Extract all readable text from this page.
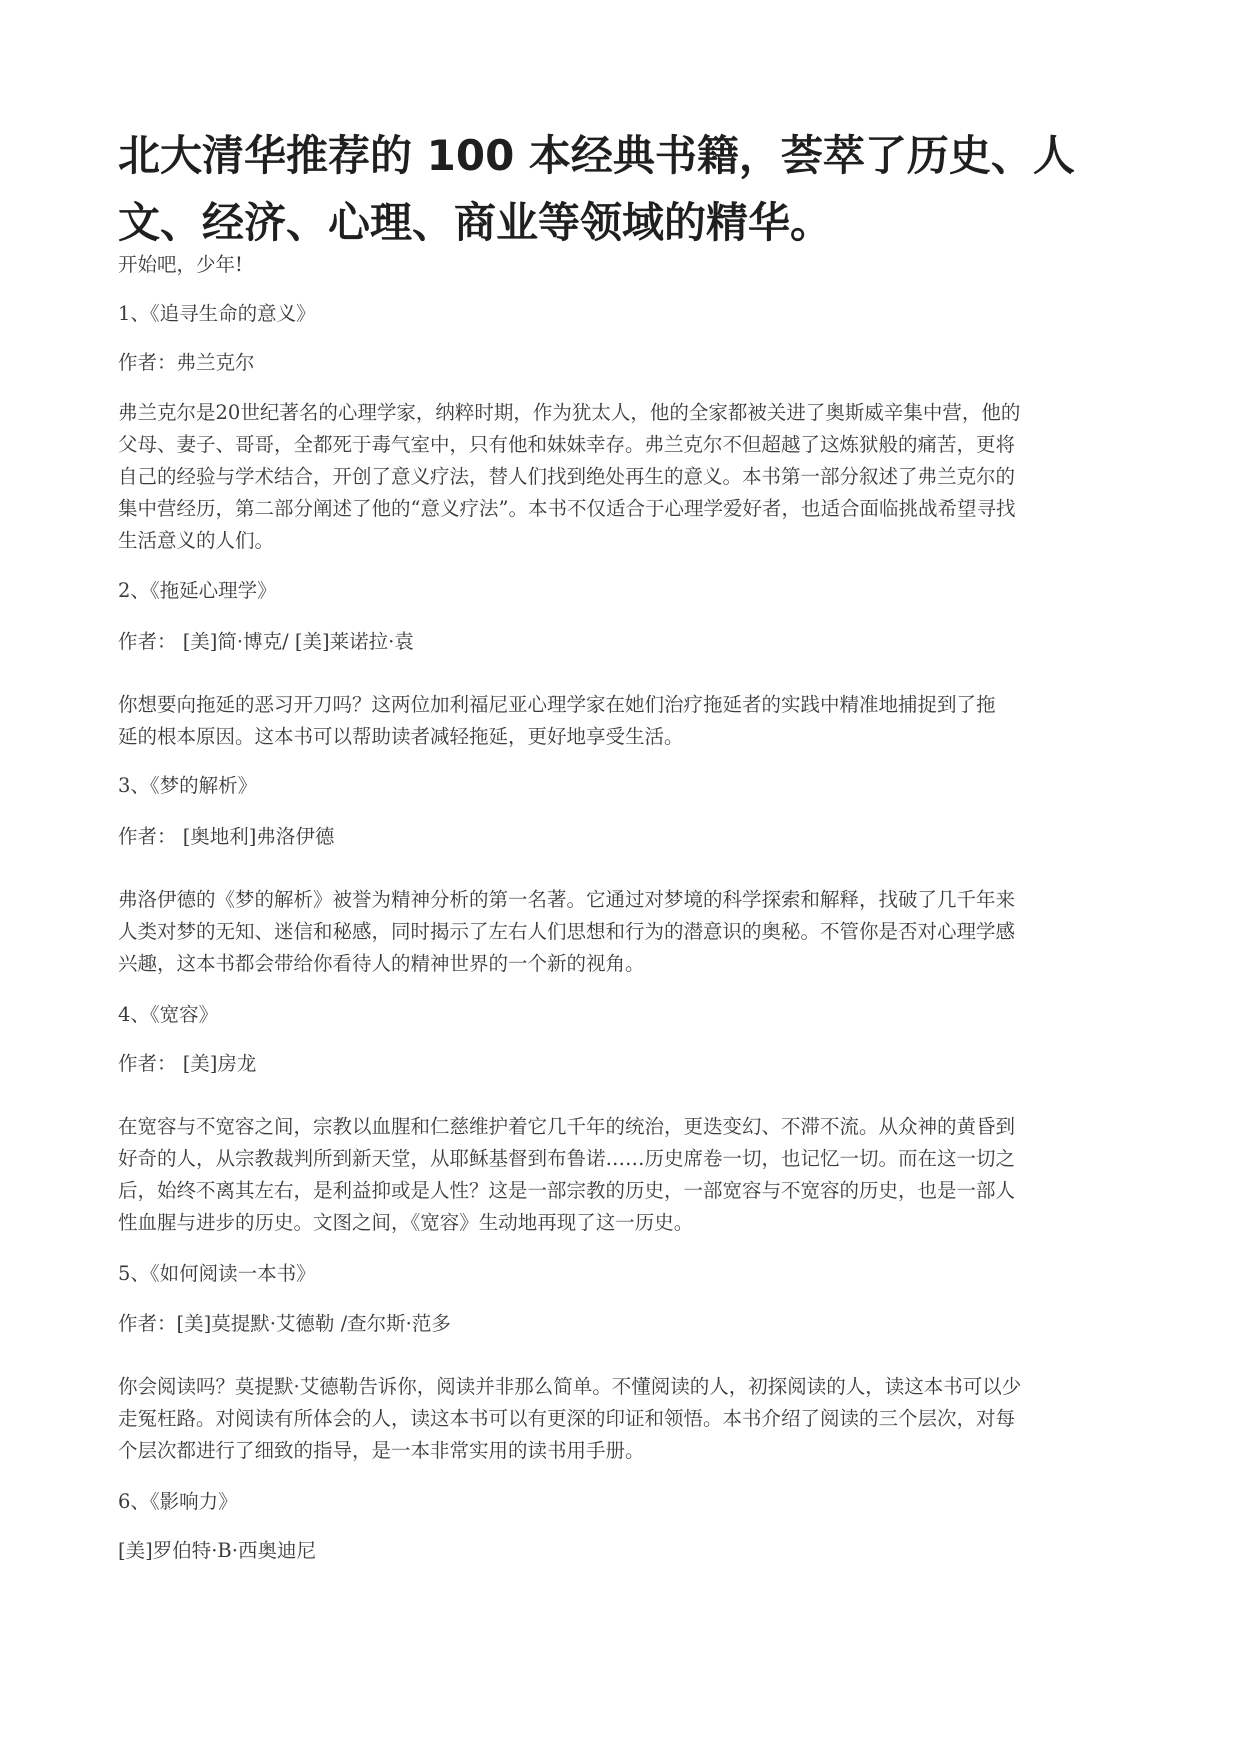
北大清华推荐的 100 本经典书籍，荟萃了历史、人文、经济、心理、商业等领域的精华。

开始吧，少年!

1、《追寻生命的意义》

作者：弗兰克尔

弗兰克尔是20世纪著名的心理学家，纳粹时期，作为犹太人，他的全家都被关进了奥斯威辛集中营，他的
父母、妻子、哥哥，全都死于毒气室中，只有他和妹妹幸存。弗兰克尔不但超越了这炼狱般的痛苦，更将
自己的经验与学术结合，开创了意义疗法，替人们找到绝处再生的意义。本书第一部分叙述了弗兰克尔的
集中营经历，第二部分阐述了他的“意义疗法”。本书不仅适合于心理学爱好者，也适合面临挑战希望寻找
生活意义的人们。

2、《拖延心理学》

作者： [美]简·博克/ [美]莱诺拉·袁

你想要向拖延的恶习开刀吗？这两位加利福尼亚心理学家在她们治疗拖延者的实践中精准地捕捉到了拖
延的根本原因。这本书可以帮助读者减轻拖延，更好地享受生活。

3、《梦的解析》

作者： [奥地利]弗洛伊德

弗洛伊德的《梦的解析》被誉为精神分析的第一名著。它通过对梦境的科学探索和解释，找破了几千年来
人类对梦的无知、迷信和秘感，同时揭示了左右人们思想和行为的潜意识的奥秘。不管你是否对心理学感
兴趣，这本书都会带给你看待人的精神世界的一个新的视角。

4、《宽容》

作者： [美]房龙

在宽容与不宽容之间，宗教以血腥和仁慈维护着它几千年的统治，更迭变幻、不滞不流。从众神的黄昏到
好奇的人，从宗教裁判所到新天堂，从耶稣基督到布鲁诺……历史席卷一切，也记忆一切。而在这一切之
后，始终不离其左右，是利益抑或是人性？这是一部宗教的历史，一部宽容与不宽容的历史，也是一部人
性血腥与进步的历史。文图之间，《宽容》生动地再现了这一历史。

5、《如何阅读一本书》

作者：[美]莫提默·艾德勒 /查尔斯·范多

你会阅读吗？莫提默·艾德勒告诉你，阅读并非那么简单。不懂阅读的人，初探阅读的人，读这本书可以少
走冤枉路。对阅读有所体会的人，读这本书可以有更深的印证和领悟。本书介绍了阅读的三个层次，对每
个层次都进行了细致的指导，是一本非常实用的读书用手册。

6、《影响力》

[美]罗伯特·B·西奥迪尼
